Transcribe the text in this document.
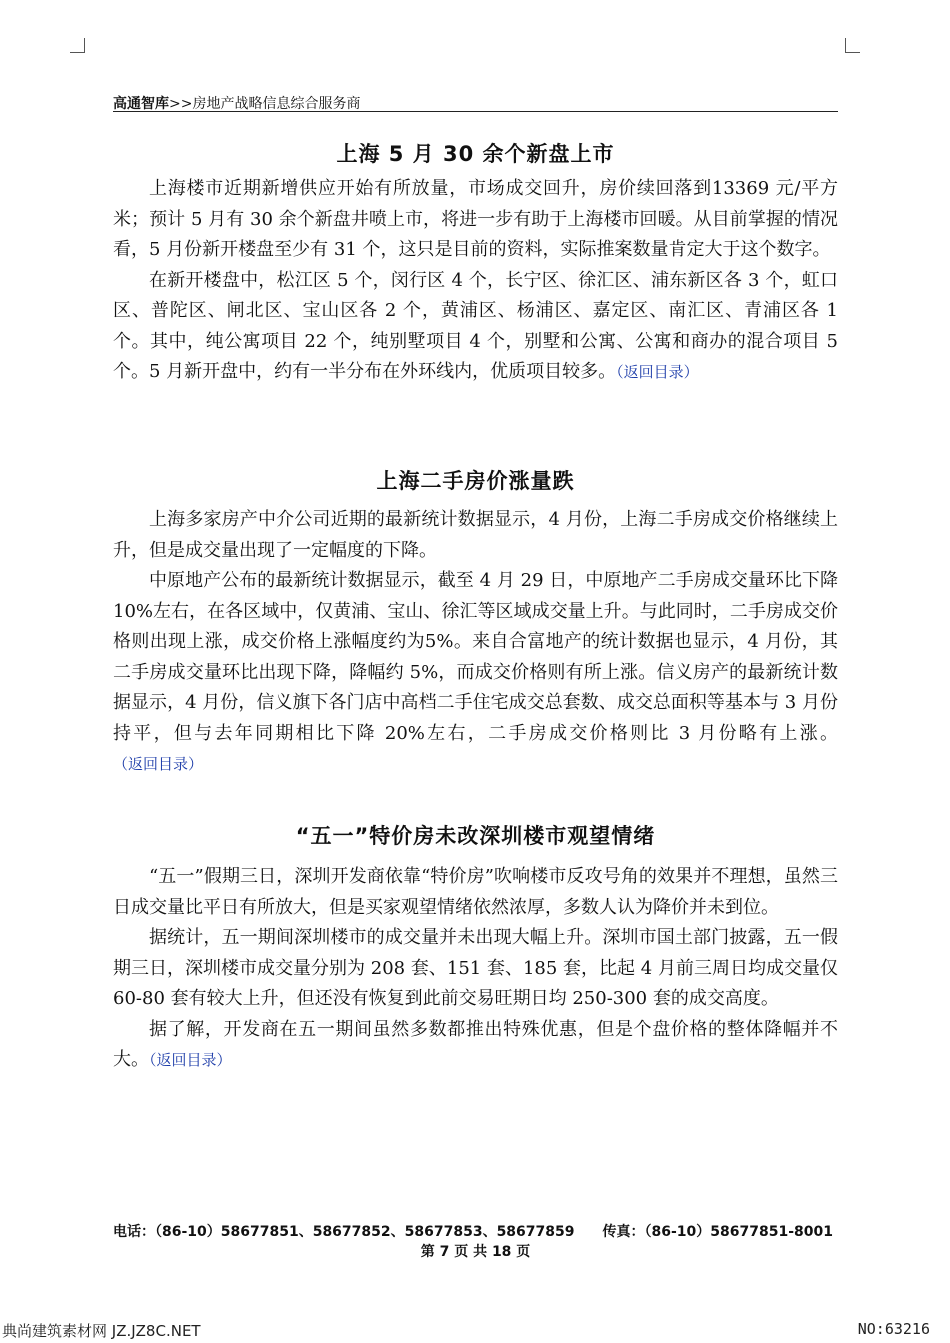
高通智库>>房地产战略信息综合服务商
上海 5 月 30 余个新盘上市

上海楼市近期新增供应开始有所放量，市场成交回升，房价续回落到13369 元/平方米；预计 5 月有 30 余个新盘井喷上市，将进一步有助于上海楼市回暖。从目前掌握的情况看，5 月份新开楼盘至少有 31 个，这只是目前的资料，实际推案数量肯定大于这个数字。

在新开楼盘中，松江区 5 个，闵行区 4 个，长宁区、徐汇区、浦东新区各 3 个，虹口区、普陀区、闸北区、宝山区各 2 个，黄浦区、杨浦区、嘉定区、南汇区、青浦区各 1 个。其中，纯公寓项目 22 个，纯别墅项目 4 个，别墅和公寓、公寓和商办的混合项目 5 个。5 月新开盘中，约有一半分布在外环线内，优质项目较多。（返回目录）

上海二手房价涨量跌

上海多家房产中介公司近期的最新统计数据显示，4 月份，上海二手房成交价格继续上升，但是成交量出现了一定幅度的下降。

中原地产公布的最新统计数据显示，截至 4 月 29 日，中原地产二手房成交量环比下降 10%左右，在各区域中，仅黄浦、宝山、徐汇等区域成交量上升。与此同时，二手房成交价格则出现上涨，成交价格上涨幅度约为5%。来自合富地产的统计数据也显示，4 月份，其二手房成交量环比出现下降，降幅约 5%，而成交价格则有所上涨。信义房产的最新统计数据显示，4 月份，信义旗下各门店中高档二手住宅成交总套数、成交总面积等基本与 3 月份持平，但与去年同期相比下降 20%左右，二手房成交价格则比 3 月份略有上涨。（返回目录）

“五一”特价房未改深圳楼市观望情绪

“五一”假期三日，深圳开发商依靠“特价房”吹响楼市反攻号角的效果并不理想，虽然三日成交量比平日有所放大，但是买家观望情绪依然浓厚，多数人认为降价并未到位。

据统计，五一期间深圳楼市的成交量并未出现大幅上升。深圳市国土部门披露，五一假期三日，深圳楼市成交量分别为 208 套、151 套、185 套，比起 4 月前三周日均成交量仅 60-80 套有较大上升，但还没有恢复到此前交易旺期日均 250-300 套的成交高度。

据了解，开发商在五一期间虽然多数都推出特殊优惠，但是个盘价格的整体降幅并不大。（返回目录）

电话：（86-10）58677851、58677852、58677853、58677859 传真：（86-10）58677851-8001
第 7 页 共 18 页
典尚建筑素材网 JZ.JZ8C.NET	NO:63216
